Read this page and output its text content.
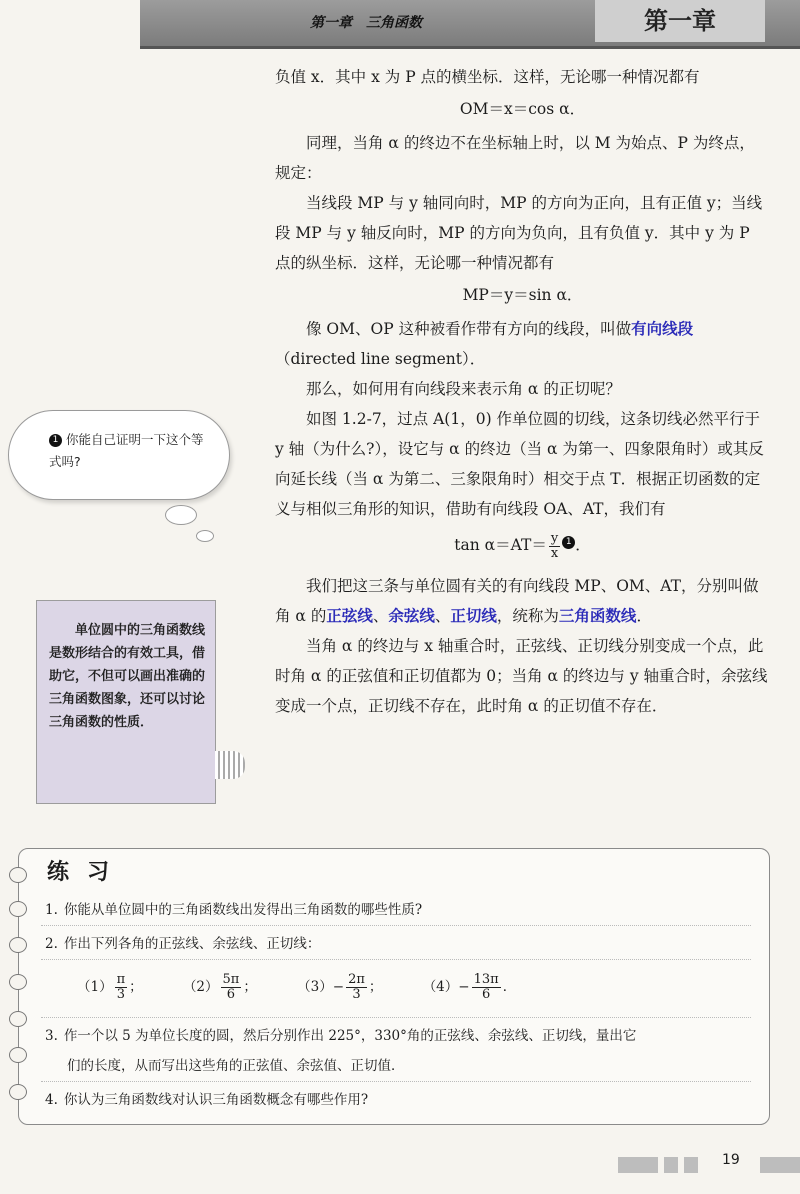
第一章　三角函数	第一章

负值 x．其中 x 为 P 点的横坐标．这样，无论哪一种情况都有

OM＝x＝cos α．

同理，当角 α 的终边不在坐标轴上时，以 M 为始点、P 为终点，规定：

当线段 MP 与 y 轴同向时，MP 的方向为正向，且有正值 y；当线段 MP 与 y 轴反向时，MP 的方向为负向，且有负值 y．其中 y 为 P 点的纵坐标．这样，无论哪一种情况都有

MP＝y＝sin α．

像 OM、OP 这种被看作带有方向的线段，叫做有向线段（directed line segment）．

那么，如何用有向线段来表示角 α 的正切呢？

如图 1.2-7，过点 A(1，0) 作单位圆的切线，这条切线必然平行于 y 轴（为什么?），设它与 α 的终边（当 α 为第一、四象限角时）或其反向延长线（当 α 为第二、三象限角时）相交于点 T．根据正切函数的定义与相似三角形的知识，借助有向线段 OA、AT，我们有

$\tan \alpha=AT= \frac{y}{x} 1$ ．

我们把这三条与单位圆有关的有向线段 MP、OM、AT，分别叫做角 α 的正弦线、余弦线、正切线，统称为三角函数线．

当角 α 的终边与 x 轴重合时，正弦线、正切线分别变成一个点，此时角 α 的正弦值和正切值都为 0；当角 α 的终边与 y 轴重合时，余弦线变成一个点，正切线不存在，此时角 α 的正切值不存在．

1 你能自己证明一下这个等式吗?
单位圆中的三角函数线是数形结合的有效工具，借助它，不但可以画出准确的三角函数图象，还可以讨论三角函数的性质．
练习
1. 你能从单位圆中的三角函数线出发得出三角函数的哪些性质?
2. 作出下列各角的正弦线、余弦线、正切线：
$(1) \frac{\pi}{3}$ ；	$(2) \frac{5\pi}{6}$ ；	$(3)- \frac{2\pi}{3}$ ；	$(4)- \frac{13\pi}{6}$ ．
3. 作一个以 5 为单位长度的圆，然后分别作出 225°，330°角的正弦线、余弦线、正切线，量出它
们的长度，从而写出这些角的正弦值、余弦值、正切值．
4. 你认为三角函数线对认识三角函数概念有哪些作用?
19
